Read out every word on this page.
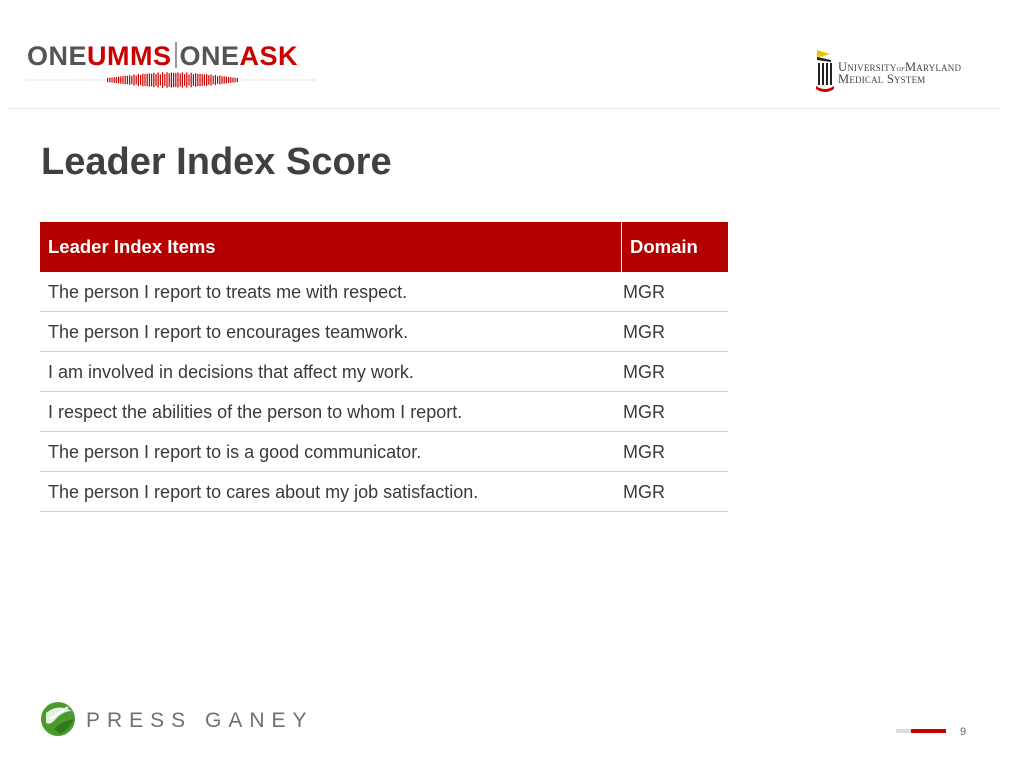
ONEUMMS ONEASK	UniversityofMaryland
Medical System
Leader Index Score
Leader Index Items	Domain
The person I report to treats me with respect.	MGR
The person I report to encourages teamwork.	MGR
I am involved in decisions that affect my work.	MGR
I respect the abilities of the person to whom I report.	MGR
The person I report to is a good communicator.	MGR
The person I report to cares about my job satisfaction.	MGR
PRESS GANEY	9
